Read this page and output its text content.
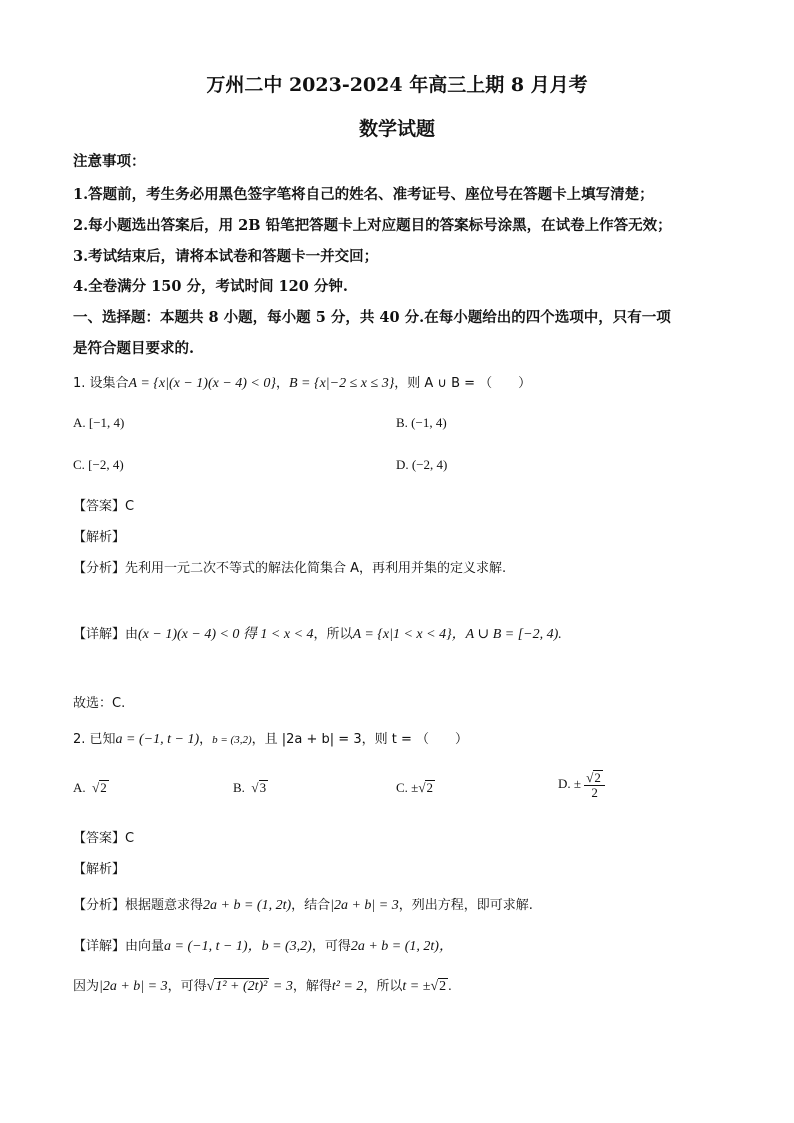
万州二中 2023-2024 年高三上期 8 月月考
数学试题
注意事项：
1.答题前，考生务必用黑色签字笔将自己的姓名、准考证号、座位号在答题卡上填写清楚；
2.每小题选出答案后，用 2B 铅笔把答题卡上对应题目的答案标号涂黑，在试卷上作答无效；
3.考试结束后，请将本试卷和答题卡一并交回；
4.全卷满分 150 分，考试时间 120 分钟.
一、选择题：本题共 8 小题，每小题 5 分，共 40 分.在每小题给出的四个选项中，只有一项
是符合题目要求的.
1. 设集合A = {x|(x − 1)(x − 4) < 0}，B = {x|−2 ≤ x ≤ 3}，则 A ∪ B = （　　）
A. [−1, 4)	B. (−1, 4)
C. [−2, 4)	D. (−2, 4)
【答案】C
【解析】
【分析】先利用一元二次不等式的解法化简集合 A，再利用并集的定义求解.
【详解】由(x − 1)(x − 4) < 0 得 1 < x < 4，所以A = {x|1 < x < 4}，A ∪ B = [−2, 4).
故选：C.
2. 已知a = (−1, t − 1)，b = (3,2)，且 |2a + b| = 3，则 t = （　　）
A.  √2	B.  √3	C. ±√2	D. ± $\frac{√2}{2}$
【答案】C
【解析】
【分析】根据题意求得2a + b = (1, 2t)，结合|2a + b| = 3，列出方程，即可求解.
【详解】由向量a = (−1, t − 1)，b = (3,2)，可得2a + b = (1, 2t)，
因为|2a + b| = 3，可得√1² + (2t)² = 3，解得t² = 2，所以t = ±√2 .
